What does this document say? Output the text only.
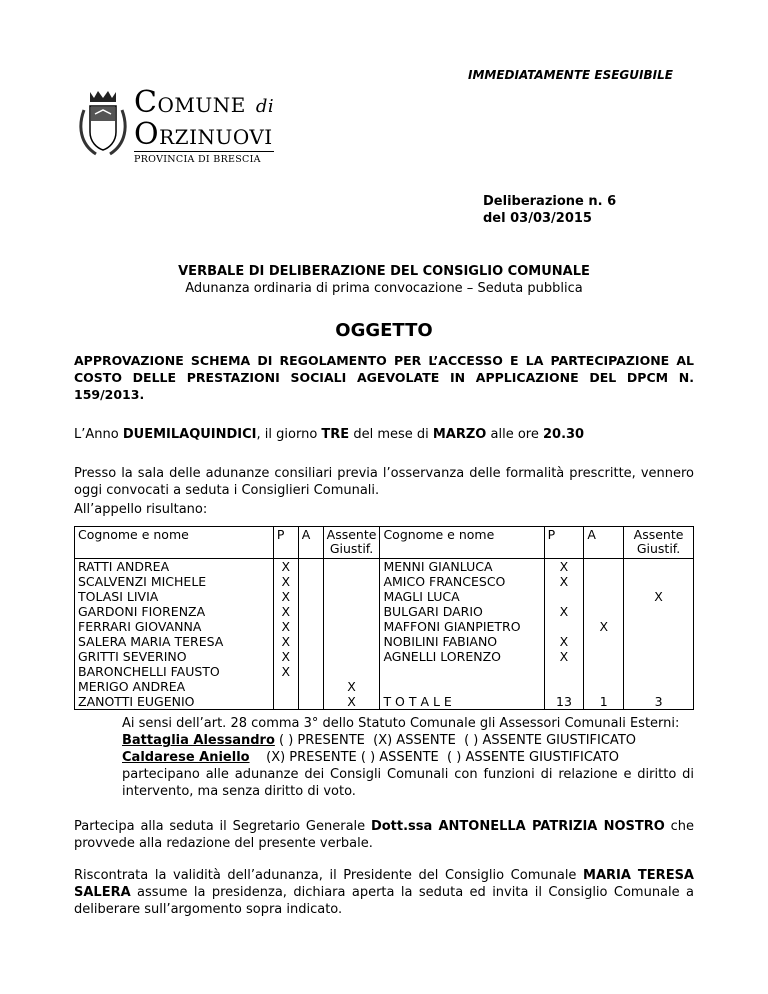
IMMEDIATAMENTE ESEGUIBILE
COMUNE di
ORZINUOVI
PROVINCIA DI BRESCIA
Deliberazione n. 6
del 03/03/2015
VERBALE DI DELIBERAZIONE DEL CONSIGLIO COMUNALE
Adunanza ordinaria di prima convocazione – Seduta pubblica
OGGETTO
APPROVAZIONE SCHEMA DI REGOLAMENTO PER L’ACCESSO E LA PARTECIPAZIONE AL COSTO DELLE PRESTAZIONI SOCIALI AGEVOLATE IN APPLICAZIONE DEL DPCM N. 159/2013.
L’Anno DUEMILAQUINDICI, il giorno TRE del mese di MARZO alle ore 20.30
Presso la sala delle adunanze consiliari previa l’osservanza delle formalità prescritte, vennero oggi convocati a seduta i Consiglieri Comunali.
All’appello risultano:
Cognome e nome	P	A	Assente
Giustif.	Cognome e nome	P	A	Assente
Giustif.
RATTI ANDREA	X			MENNI GIANLUCA	X		
SCALVENZI MICHELE	X			AMICO FRANCESCO	X		
TOLASI LIVIA	X			MAGLI LUCA			X
GARDONI FIORENZA	X			BULGARI DARIO	X		
FERRARI GIOVANNA	X			MAFFONI GIANPIETRO		X	
SALERA MARIA TERESA	X			NOBILINI FABIANO	X		
GRITTI SEVERINO	X			AGNELLI LORENZO	X		
BARONCHELLI FAUSTO	X						
MERIGO ANDREA			X				
ZANOTTI EUGENIO			X	T O T A L E	13	1	3
Ai sensi dell’art. 28 comma 3° dello Statuto Comunale gli Assessori Comunali Esterni:
Battaglia Alessandro ( ) PRESENTE  (X) ASSENTE  ( ) ASSENTE GIUSTIFICATO
Caldarese Aniello    (X) PRESENTE ( ) ASSENTE  ( ) ASSENTE GIUSTIFICATO
partecipano alle adunanze dei Consigli Comunali con funzioni di relazione e diritto di intervento, ma senza diritto di voto.
Partecipa alla seduta il Segretario Generale Dott.ssa ANTONELLA PATRIZIA NOSTRO che provvede alla redazione del presente verbale.
Riscontrata la validità dell’adunanza, il Presidente del Consiglio Comunale MARIA TERESA SALERA assume la presidenza, dichiara aperta la seduta ed invita il Consiglio Comunale a deliberare sull’argomento sopra indicato.
